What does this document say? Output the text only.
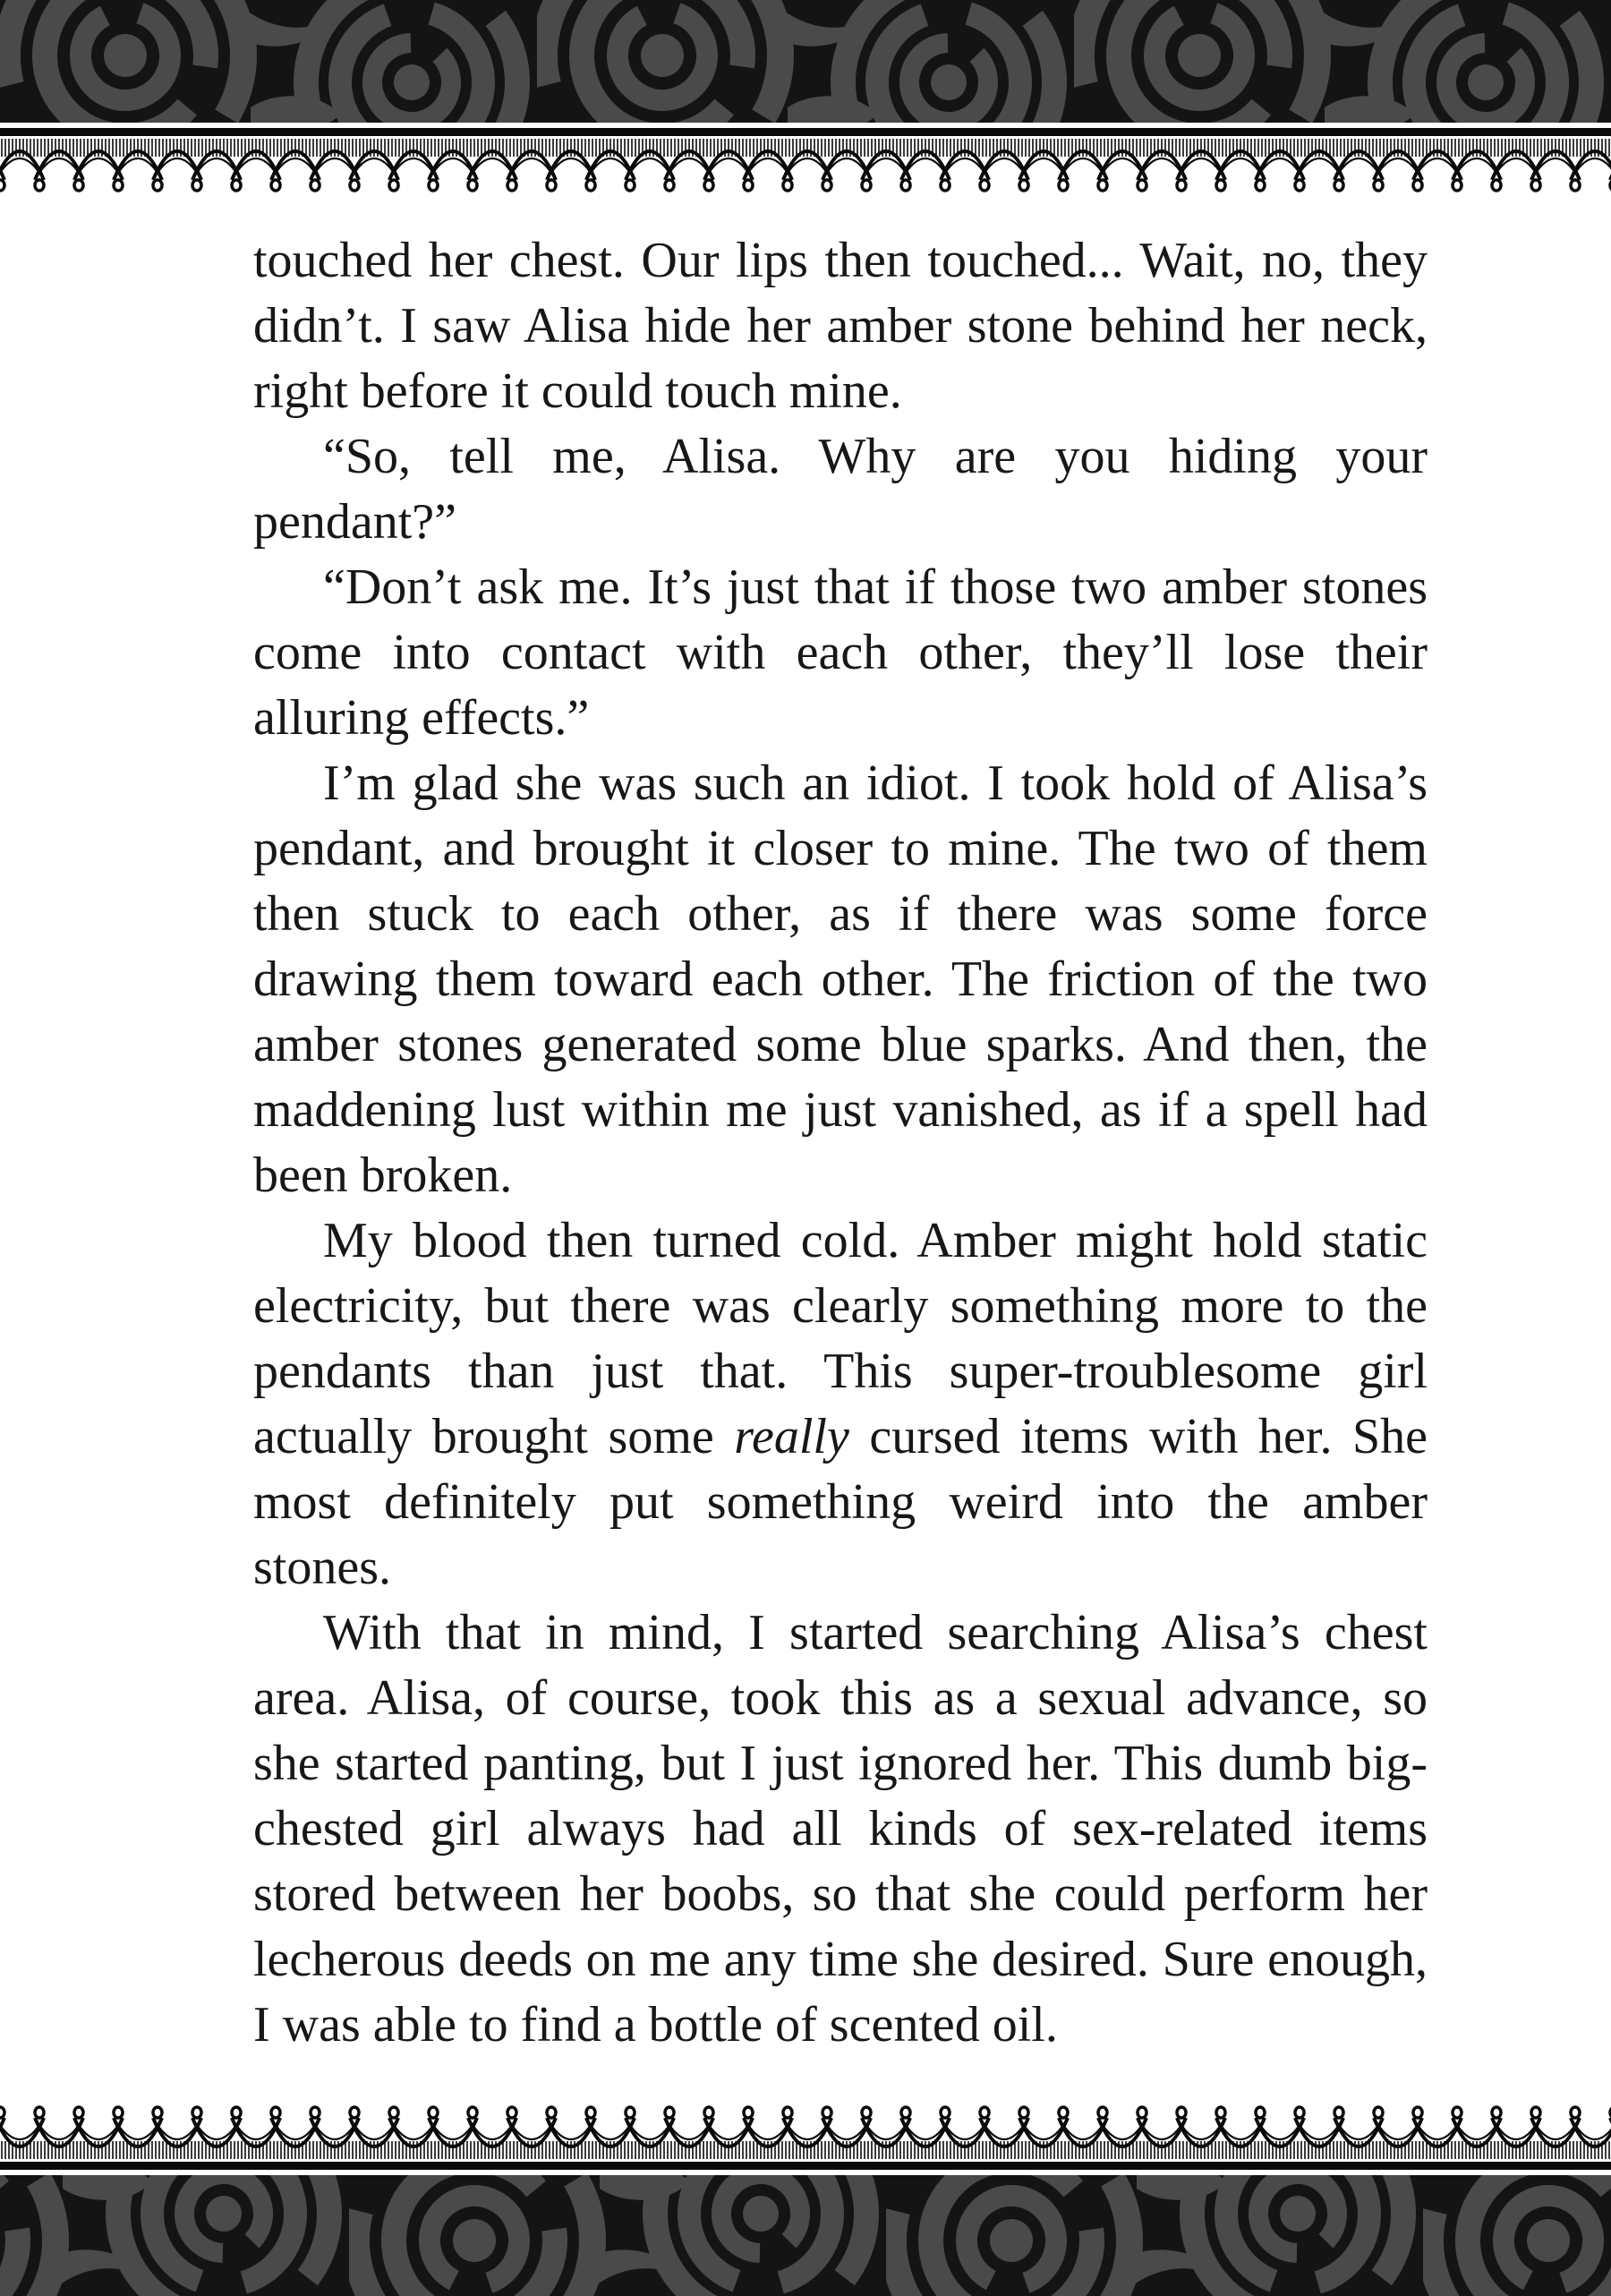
touched her chest. Our lips then touched... Wait, no, they didn’t. I saw Alisa hide her amber stone behind her neck, right before it could touch mine.

“So, tell me, Alisa. Why are you hiding your pendant?”

“Don’t ask me. It’s just that if those two amber stones come into contact with each other, they’ll lose their alluring effects.”

I’m glad she was such an idiot. I took hold of Alisa’s pendant, and brought it closer to mine. The two of them then stuck to each other, as if there was some force drawing them toward each other. The friction of the two amber stones generated some blue sparks. And then, the maddening lust within me just vanished, as if a spell had been broken.

My blood then turned cold. Amber might hold static electricity, but there was clearly something more to the pendants than just that. This super-troublesome girl actually brought some really cursed items with her. She most definitely put something weird into the amber stones.

With that in mind, I started searching Alisa’s chest area. Alisa, of course, took this as a sexual advance, so she started panting, but I just ignored her. This dumb big-chested girl always had all kinds of sex-related items stored between her boobs, so that she could perform her lecherous deeds on me any time she desired. Sure enough, I was able to find a bottle of scented oil.
